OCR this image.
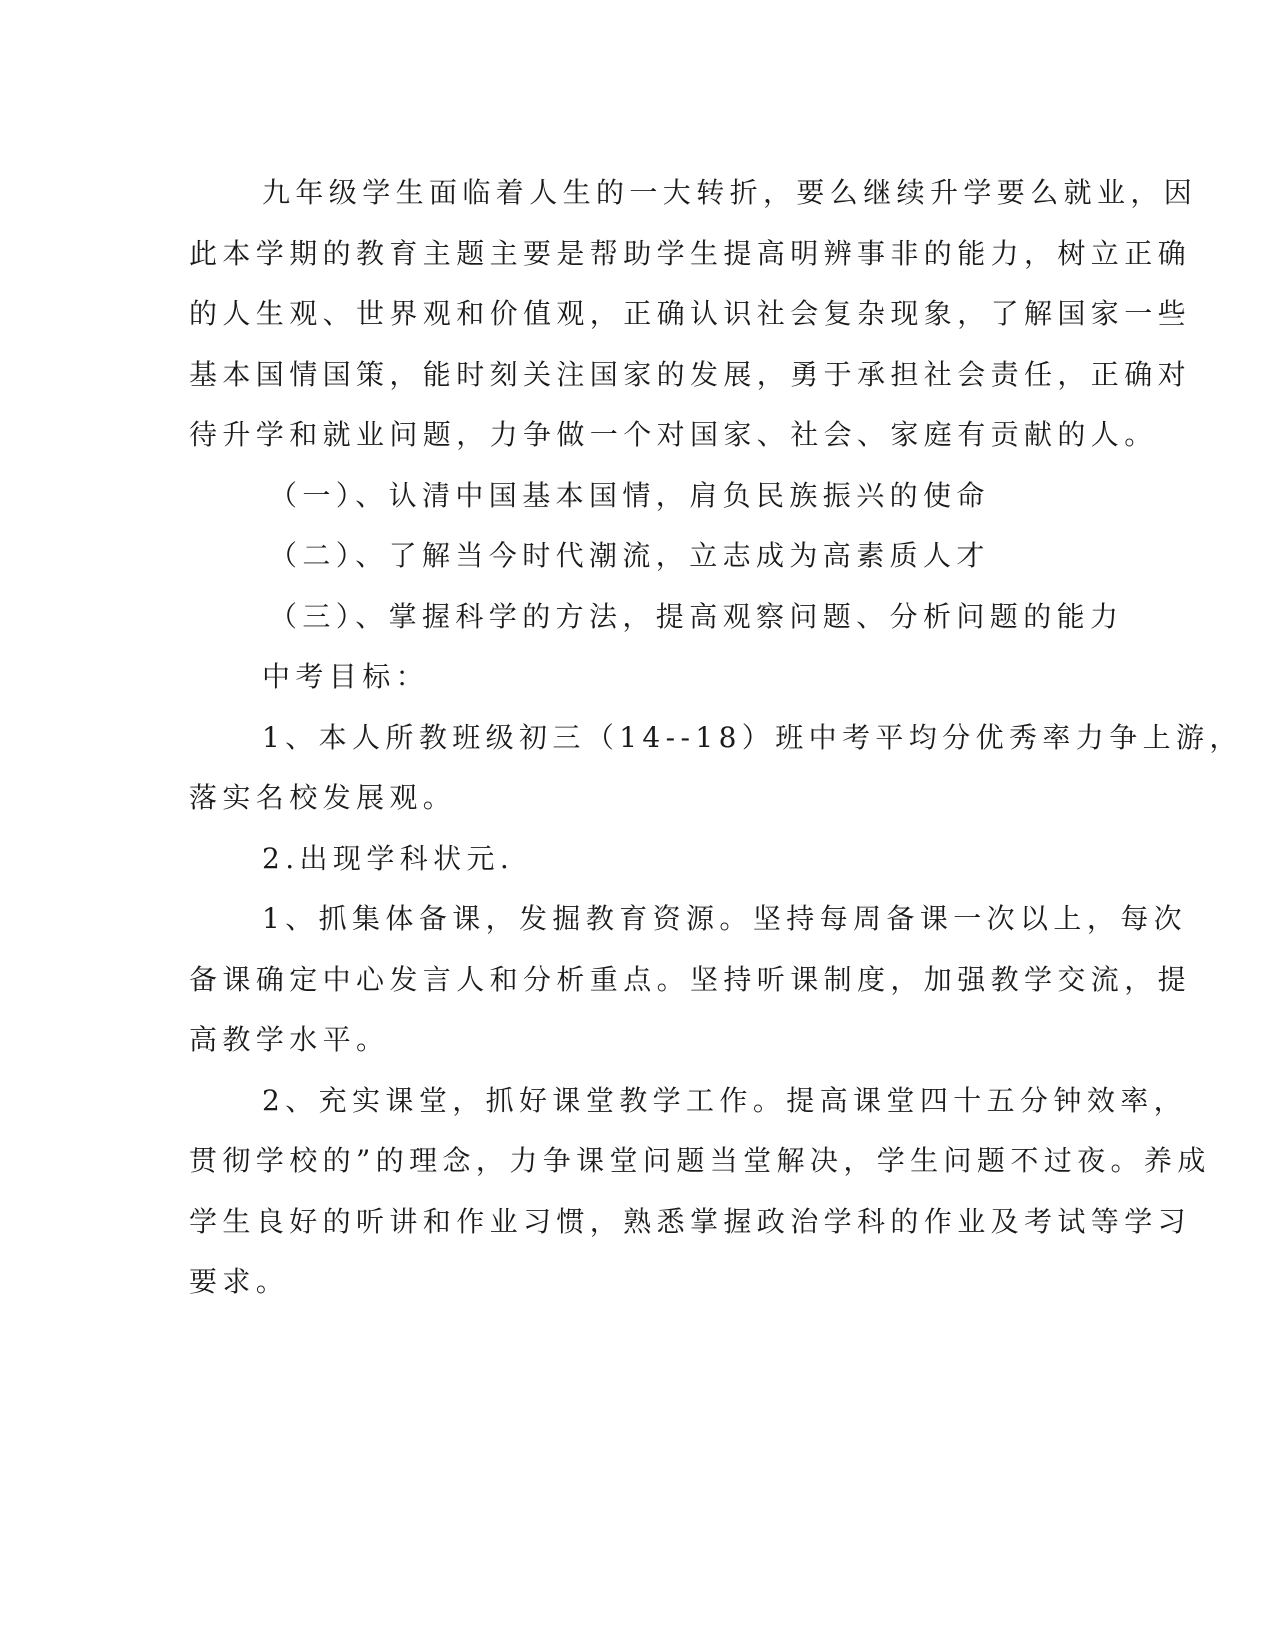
九年级学生面临着人生的一大转折，要么继续升学要么就业，因
此本学期的教育主题主要是帮助学生提高明辨事非的能力，树立正确
的人生观、世界观和价值观，正确认识社会复杂现象，了解国家一些
基本国情国策，能时刻关注国家的发展，勇于承担社会责任，正确对
待升学和就业问题，力争做一个对国家、社会、家庭有贡献的人。
（一）、认清中国基本国情，肩负民族振兴的使命
（二）、了解当今时代潮流，立志成为高素质人才
（三）、掌握科学的方法，提高观察问题、分析问题的能力
中考目标：
1、本人所教班级初三（14--18）班中考平均分优秀率力争上游，
落实名校发展观。
2.出现学科状元.
1、抓集体备课，发掘教育资源。坚持每周备课一次以上，每次
备课确定中心发言人和分析重点。坚持听课制度，加强教学交流，提
高教学水平。
2、充实课堂，抓好课堂教学工作。提高课堂四十五分钟效率，
贯彻学校的”的理念，力争课堂问题当堂解决，学生问题不过夜。养成
学生良好的听讲和作业习惯，熟悉掌握政治学科的作业及考试等学习
要求。
